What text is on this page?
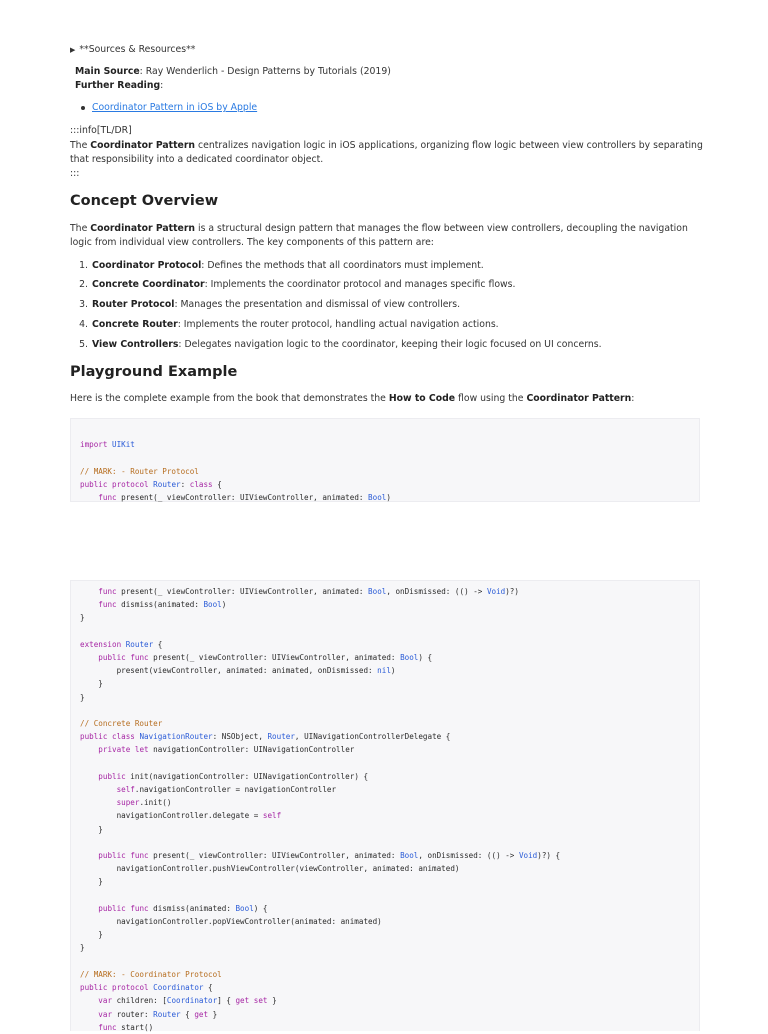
▶ **Sources & Resources**
Main Source: Ray Wenderlich - Design Patterns by Tutorials (2019)
Further Reading:
Coordinator Pattern in iOS by Apple
:::info[TL/DR]
The Coordinator Pattern centralizes navigation logic in iOS applications, organizing flow logic between view controllers by separating that responsibility into a dedicated coordinator object.
:::
Concept Overview
The Coordinator Pattern is a structural design pattern that manages the flow between view controllers, decoupling the navigation logic from individual view controllers. The key components of this pattern are:
1. Coordinator Protocol: Defines the methods that all coordinators must implement.
2. Concrete Coordinator: Implements the coordinator protocol and manages specific flows.
3. Router Protocol: Manages the presentation and dismissal of view controllers.
4. Concrete Router: Implements the router protocol, handling actual navigation actions.
5. View Controllers: Delegates navigation logic to the coordinator, keeping their logic focused on UI concerns.
Playground Example
Here is the complete example from the book that demonstrates the How to Code flow using the Coordinator Pattern:

import UIKit

// MARK: - Router Protocol
public protocol Router: class {
func present(_ viewController: UIViewController, animated: Bool)

func present(_ viewController: UIViewController, animated: Bool, onDismissed: (() -> Void)?)
func dismiss(animated: Bool)
}

extension Router {
public func present(_ viewController: UIViewController, animated: Bool) {
present(viewController, animated: animated, onDismissed: nil)
}
}

// Concrete Router
public class NavigationRouter: NSObject, Router, UINavigationControllerDelegate {
private let navigationController: UINavigationController

public init(navigationController: UINavigationController) {
self.navigationController = navigationController
super.init()
navigationController.delegate = self
}

public func present(_ viewController: UIViewController, animated: Bool, onDismissed: (() -> Void)?) {
navigationController.pushViewController(viewController, animated: animated)
}

public func dismiss(animated: Bool) {
navigationController.popViewController(animated: animated)
}
}

// MARK: - Coordinator Protocol
public protocol Coordinator {
var children: [Coordinator] { get set }
var router: Router { get }
func start()
